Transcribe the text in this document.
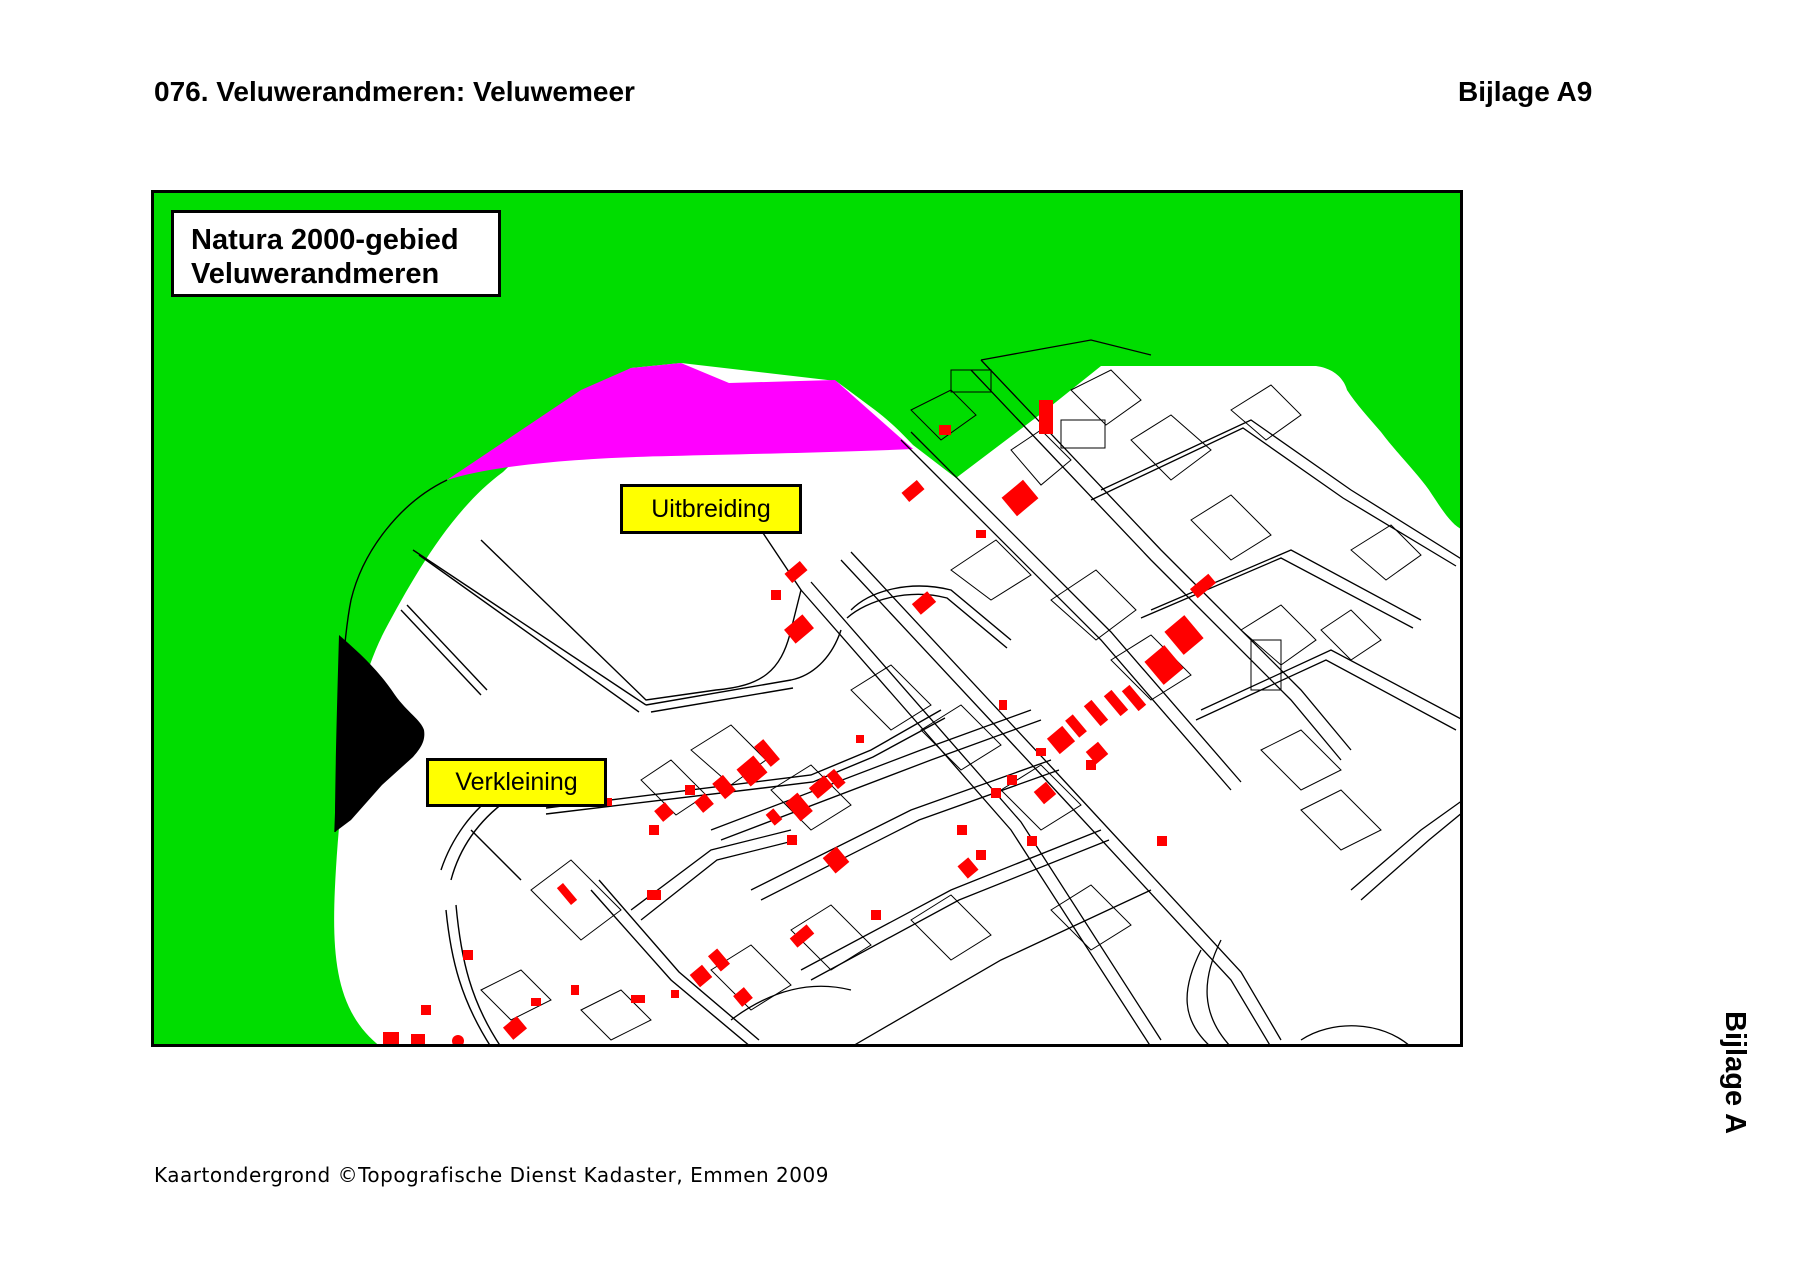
076. Veluwerandmeren: Veluwemeer	Bijlage A9
Natura 2000-gebied
Veluwerandmeren
Uitbreiding
Verkleining
Kaartondergrond ©Topografische Dienst Kadaster, Emmen 2009
Bijlage A
